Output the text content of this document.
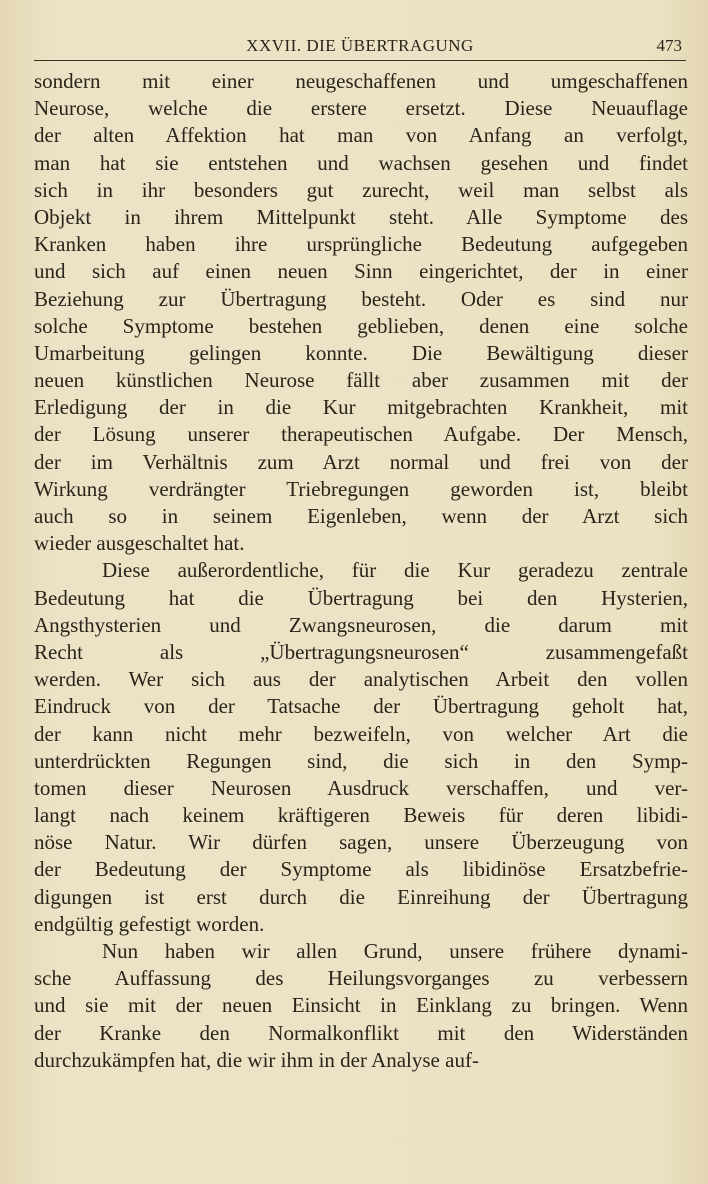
XXVII. DIE ÜBERTRAGUNG	473
sondern mit einer neugeschaffenen und umgeschaffenen
Neurose, welche die erstere ersetzt. Diese Neuauflage
der alten Affektion hat man von Anfang an verfolgt,
man hat sie entstehen und wachsen gesehen und findet
sich in ihr besonders gut zurecht, weil man selbst als
Objekt in ihrem Mittelpunkt steht. Alle Symptome des
Kranken haben ihre ursprüngliche Bedeutung aufgegeben
und sich auf einen neuen Sinn eingerichtet, der in einer
Beziehung zur Übertragung besteht. Oder es sind nur
solche Symptome bestehen geblieben, denen eine solche
Umarbeitung gelingen konnte. Die Bewältigung dieser
neuen künstlichen Neurose fällt aber zusammen mit der
Erledigung der in die Kur mitgebrachten Krankheit, mit
der Lösung unserer therapeutischen Aufgabe. Der Mensch,
der im Verhältnis zum Arzt normal und frei von der
Wirkung verdrängter Triebregungen geworden ist, bleibt
auch so in seinem Eigenleben, wenn der Arzt sich
wieder ausgeschaltet hat.
Diese außerordentliche, für die Kur geradezu zentrale
Bedeutung hat die Übertragung bei den Hysterien,
Angsthysterien und Zwangsneurosen, die darum mit
Recht als „Übertragungsneurosen“ zusammengefaßt
werden. Wer sich aus der analytischen Arbeit den vollen
Eindruck von der Tatsache der Übertragung geholt hat,
der kann nicht mehr bezweifeln, von welcher Art die
unterdrückten Regungen sind, die sich in den Symp-
tomen dieser Neurosen Ausdruck verschaffen, und ver-
langt nach keinem kräftigeren Beweis für deren libidi-
nöse Natur. Wir dürfen sagen, unsere Überzeugung von
der Bedeutung der Symptome als libidinöse Ersatzbefrie-
digungen ist erst durch die Einreihung der Übertragung
endgültig gefestigt worden.
Nun haben wir allen Grund, unsere frühere dynami-
sche Auffassung des Heilungsvorganges zu verbessern
und sie mit der neuen Einsicht in Einklang zu bringen. Wenn
der Kranke den Normalkonflikt mit den Widerständen
durchzukämpfen hat, die wir ihm in der Analyse auf-
